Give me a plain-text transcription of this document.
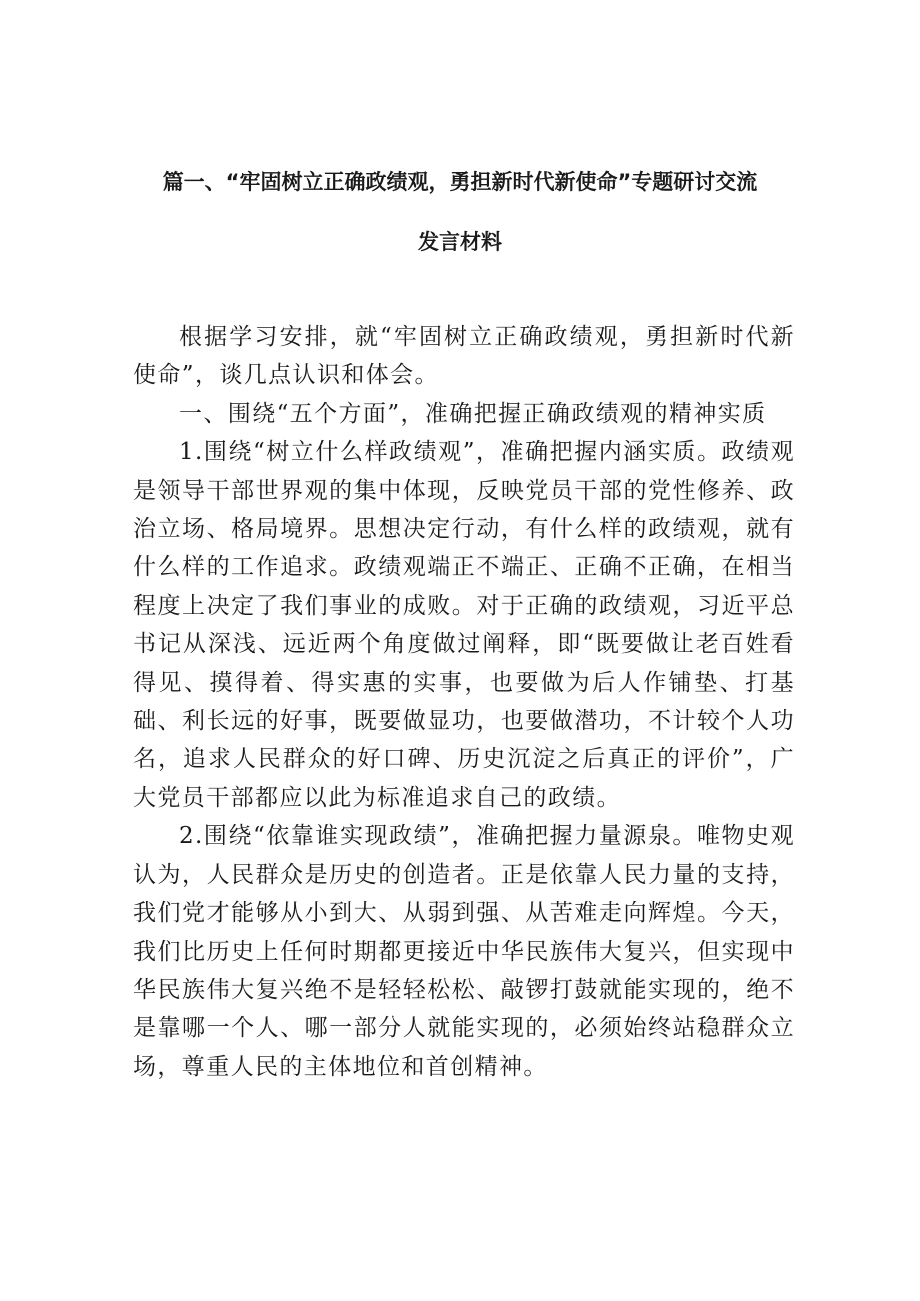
篇一、“牢固树立正确政绩观，勇担新时代新使命”专题研讨交流
发言材料

根据学习安排，就“牢固树立正确政绩观，勇担新时代新使命”，谈几点认识和体会。

一、围绕“五个方面”，准确把握正确政绩观的精神实质

1.围绕“树立什么样政绩观”，准确把握内涵实质。政绩观是领导干部世界观的集中体现，反映党员干部的党性修养、政治立场、格局境界。思想决定行动，有什么样的政绩观，就有什么样的工作追求。政绩观端正不端正、正确不正确，在相当程度上决定了我们事业的成败。对于正确的政绩观，习近平总书记从深浅、远近两个角度做过阐释，即“既要做让老百姓看得见、摸得着、得实惠的实事，也要做为后人作铺垫、打基础、利长远的好事，既要做显功，也要做潜功，不计较个人功名，追求人民群众的好口碑、历史沉淀之后真正的评价”，广大党员干部都应以此为标准追求自己的政绩。

2.围绕“依靠谁实现政绩”，准确把握力量源泉。唯物史观认为，人民群众是历史的创造者。正是依靠人民力量的支持，我们党才能够从小到大、从弱到强、从苦难走向辉煌。今天，我们比历史上任何时期都更接近中华民族伟大复兴，但实现中华民族伟大复兴绝不是轻轻松松、敲锣打鼓就能实现的，绝不是靠哪一个人、哪一部分人就能实现的，必须始终站稳群众立场，尊重人民的主体地位和首创精神。
